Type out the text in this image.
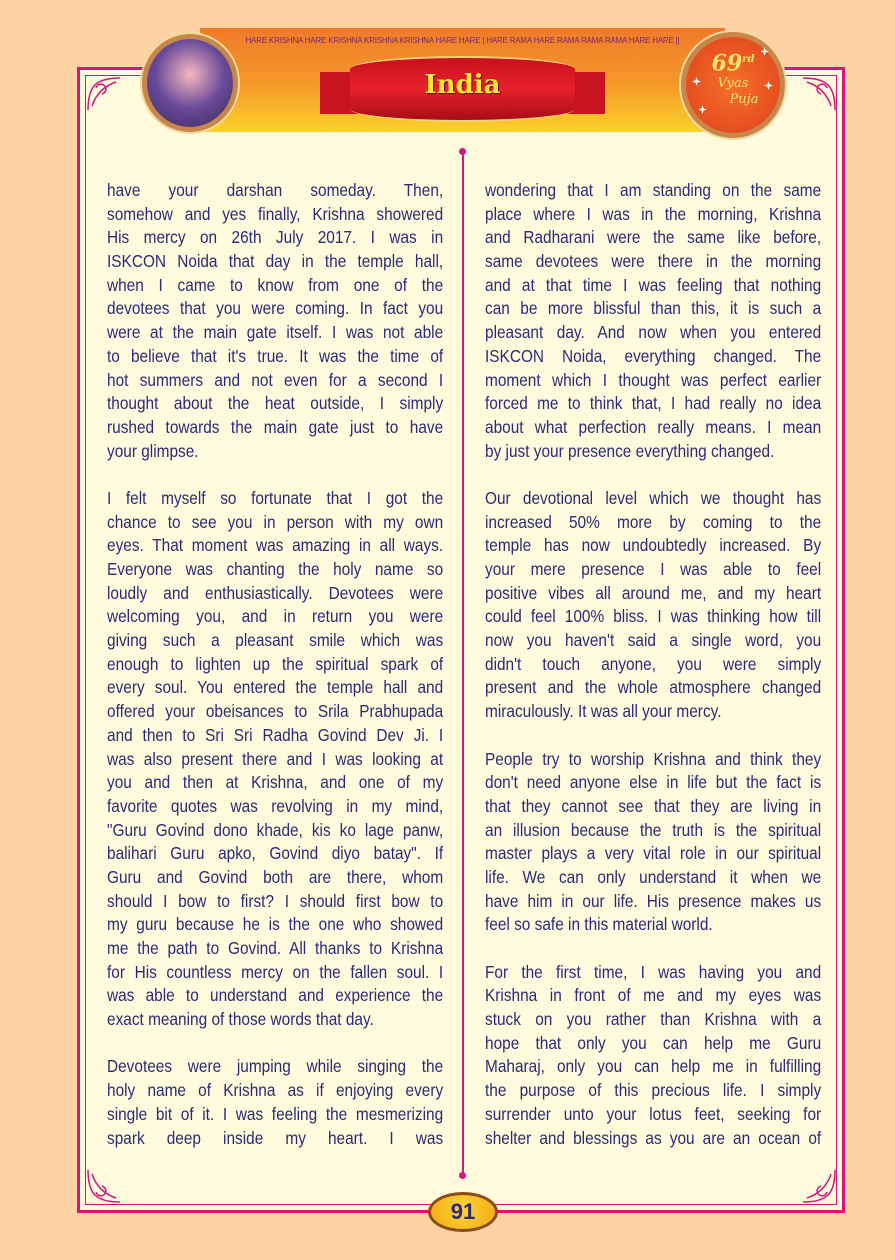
HARE KRISHNA HARE KRISHNA KRISHNA KRISHNA HARE HARE | HARE RAMA HARE RAMA RAMA RAMA HARE HARE ||
India
69rd
Vyas
Puja
have your darshan someday. Then,
somehow and yes finally, Krishna showered
His mercy on 26th July 2017. I was in
ISKCON Noida that day in the temple hall,
when I came to know from one of the
devotees that you were coming. In fact you
were at the main gate itself. I was not able
to believe that it's true. It was the time of
hot summers and not even for a second I
thought about the heat outside, I simply
rushed towards the main gate just to have
your glimpse.
I felt myself so fortunate that I got the
chance to see you in person with my own
eyes. That moment was amazing in all ways.
Everyone was chanting the holy name so
loudly and enthusiastically. Devotees were
welcoming you, and in return you were
giving such a pleasant smile which was
enough to lighten up the spiritual spark of
every soul. You entered the temple hall and
offered your obeisances to Srila Prabhupada
and then to Sri Sri Radha Govind Dev Ji. I
was also present there and I was looking at
you and then at Krishna, and one of my
favorite quotes was revolving in my mind,
"Guru Govind dono khade, kis ko lage panw,
balihari Guru apko, Govind diyo batay". If
Guru and Govind both are there, whom
should I bow to first? I should first bow to
my guru because he is the one who showed
me the path to Govind. All thanks to Krishna
for His countless mercy on the fallen soul. I
was able to understand and experience the
exact meaning of those words that day.
Devotees were jumping while singing the
holy name of Krishna as if enjoying every
single bit of it. I was feeling the mesmerizing
spark deep inside my heart. I was
wondering that I am standing on the same
place where I was in the morning, Krishna
and Radharani were the same like before,
same devotees were there in the morning
and at that time I was feeling that nothing
can be more blissful than this, it is such a
pleasant day. And now when you entered
ISKCON Noida, everything changed. The
moment which I thought was perfect earlier
forced me to think that, I had really no idea
about what perfection really means. I mean
by just your presence everything changed.
Our devotional level which we thought has
increased 50% more by coming to the
temple has now undoubtedly increased. By
your mere presence I was able to feel
positive vibes all around me, and my heart
could feel 100% bliss. I was thinking how till
now you haven't said a single word, you
didn't touch anyone, you were simply
present and the whole atmosphere changed
miraculously. It was all your mercy.
People try to worship Krishna and think they
don't need anyone else in life but the fact is
that they cannot see that they are living in
an illusion because the truth is the spiritual
master plays a very vital role in our spiritual
life. We can only understand it when we
have him in our life. His presence makes us
feel so safe in this material world.
For the first time, I was having you and
Krishna in front of me and my eyes was
stuck on you rather than Krishna with a
hope that only you can help me Guru
Maharaj, only you can help me in fulfilling
the purpose of this precious life. I simply
surrender unto your lotus feet, seeking for
shelter and blessings as you are an ocean of
91
